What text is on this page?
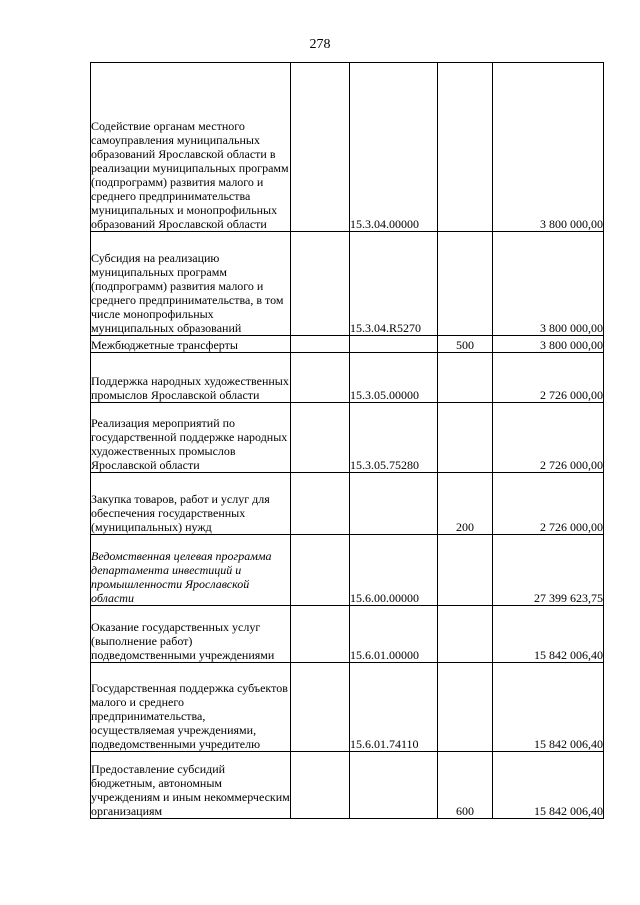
278
Содействие органам местного самоуправления муниципальных образований Ярославской области в реализации муниципальных программ (подпрограмм) развития малого и среднего предпринимательства муниципальных и монопрофильных образований Ярославской области		15.3.04.00000		3 800 000,00
Субсидия на реализацию муниципальных программ (подпрограмм) развития малого и среднего предпринимательства, в том числе монопрофильных муниципальных образований		15.3.04.R5270		3 800 000,00
Межбюджетные трансферты			500	3 800 000,00
Поддержка народных художественных промыслов Ярославской области		15.3.05.00000		2 726 000,00
Реализация мероприятий по государственной поддержке народных художественных промыслов Ярославской области		15.3.05.75280		2 726 000,00
Закупка товаров, работ и услуг для обеспечения государственных (муниципальных) нужд			200	2 726 000,00
Ведомственная целевая программа департамента инвестиций и промышленности Ярославской области		15.6.00.00000		27 399 623,75
Оказание государственных услуг (выполнение работ) подведомственными учреждениями		15.6.01.00000		15 842 006,40
Государственная поддержка субъектов малого и среднего предпринимательства, осуществляемая учреждениями, подведомственными учредителю		15.6.01.74110		15 842 006,40
Предоставление субсидий бюджетным, автономным учреждениям и иным некоммерческим организациям			600	15 842 006,40
